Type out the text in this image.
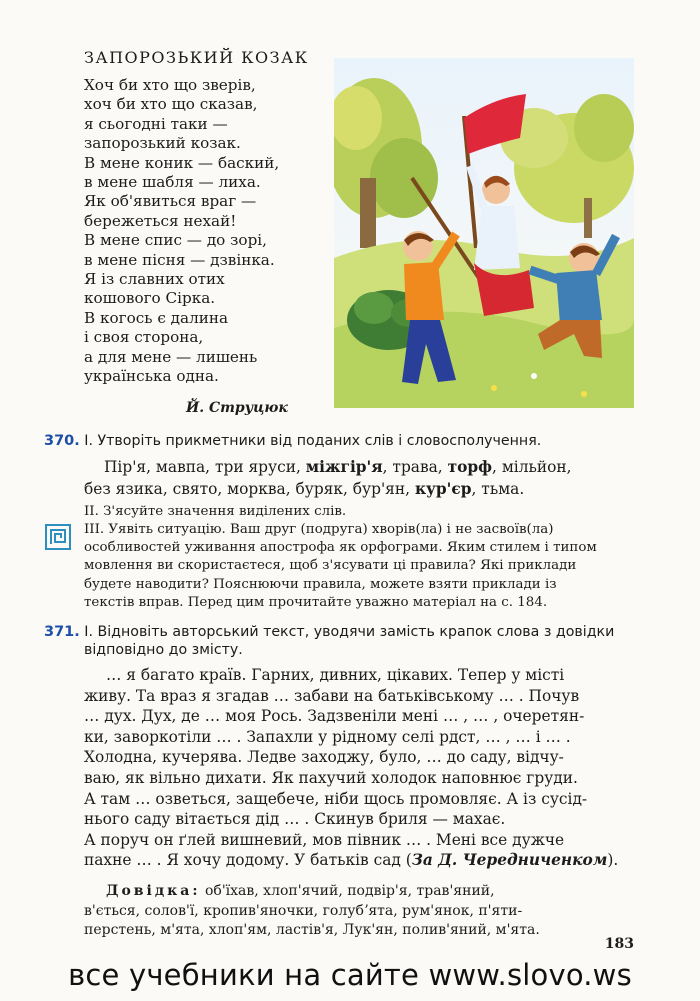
ЗАПОРОЗЬКИЙ КОЗАК
Хоч би хто що зверів,
хоч би хто що сказав,
я сьогодні таки —
запорозький козак.
В мене коник — баский,
в мене шабля — лиха.
Як об'явиться враг —
бережеться нехай!
В мене спис — до зорі,
в мене пісня — дзвінка.
Я із славних отих
кошового Сірка.
В когось є далина
і своя сторона,
а для мене — лишень
українська одна.
Й. Струцюк
370. І. Утворіть прикметники від поданих слів і словосполучення.
Пір'я, мавпа, три яруси, міжгір'я, трава, торф, мільйон,
без язика, свято, морква, буряк, бур'ян, кур'єр, тьма.
ІІ. З'ясуйте значення виділених слів.
ІІІ. Уявіть ситуацію. Ваш друг (подруга) хворів(ла) і не засвоїв(ла)
особливостей уживання апострофа як орфограми. Яким стилем і типом
мовлення ви скористаєтеся, щоб з'ясувати ці правила? Які приклади
будете наводити? Пояснюючи правила, можете взяти приклади із
текстів вправ. Перед цим прочитайте уважно матеріал на с. 184.
371. І. Відновіть авторський текст, уводячи замість крапок слова з довідки
відповідно до змісту.
… я багато країв. Гарних, дивних, цікавих. Тепер у місті
живу. Та враз я згадав … забави на батьківському … . Почув
… дух. Дух, де … моя Рось. Задзвеніли мені … , … , очеретян-
ки, заворкотіли … . Запахли у рідному селі рдст, … , … і … .
Холодна, кучерява. Ледве заходжу, було, … до саду, відчу-
ваю, як вільно дихати. Як пахучий холодок наповнює груди.
А там … озветься, защебече, ніби щось промовляє. А із сусід-
нього саду вітається дід … . Скинув бриля — махає.
А поруч он ґлей вишневий, мов півник … . Мені все дужче
пахне … . Я хочу додому. У батьків сад (За Д. Чередниченком).
Довідка: об'їхав, хлоп'ячий, подвір'я, трав'яний,
в'ється, солов'ї, кропив'яночки, голубʼята, рум'янок, п'яти-
перстень, м'ята, хлоп'ям, ластів'я, Лук'ян, полив'яний, м'ята.
183
все учебники на сайте www.slovo.ws
